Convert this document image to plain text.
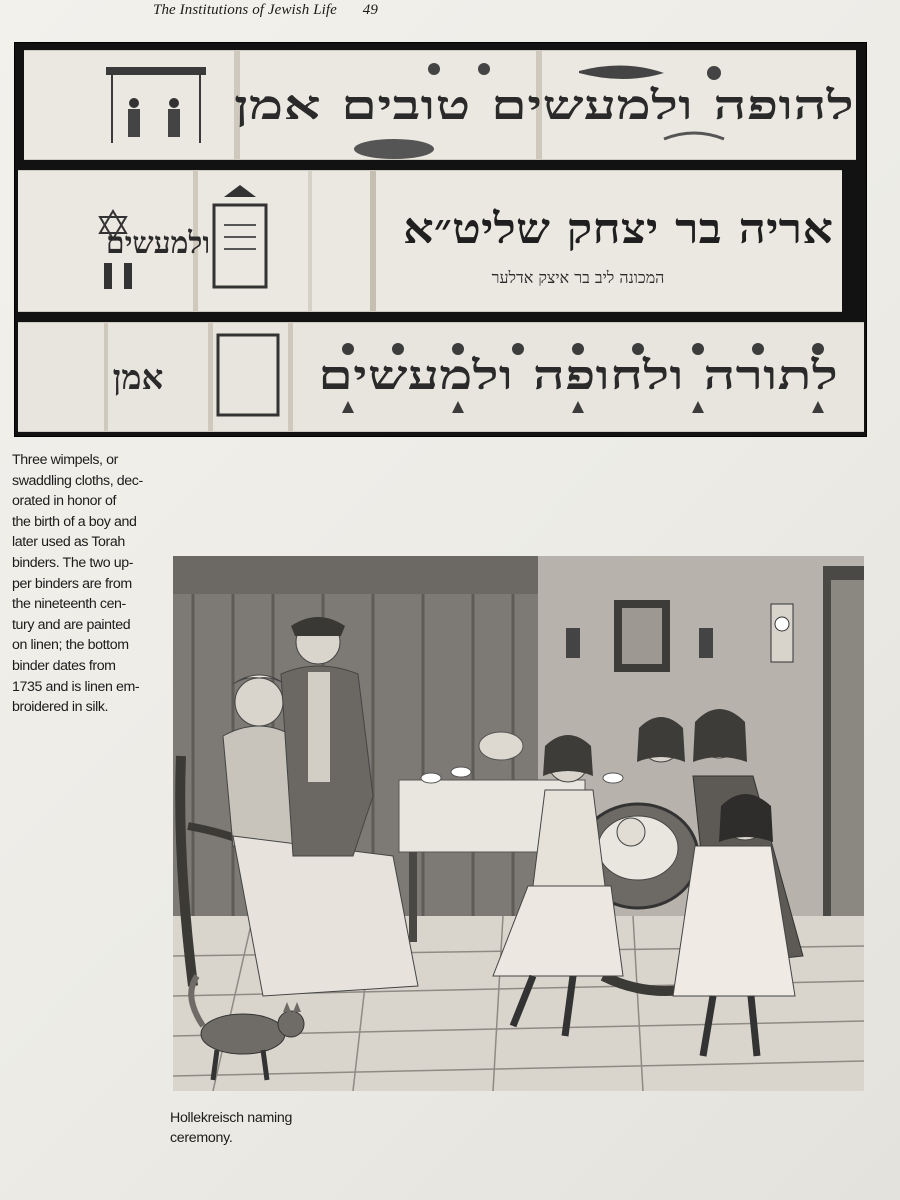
The Institutions of Jewish Life 49
להופה ולמעשים טובים אמן
ולמעשים	אריה בר יצחק שליט״א
המכונה ליב בר איצק אדלער
לתורה ולחופה ולמעשים
אמן
Three wimpels, or
swaddling cloths, dec-
orated in honor of
the birth of a boy and
later used as Torah
binders. The two up-
per binders are from
the nineteenth cen-
tury and are painted
on linen; the bottom
binder dates from
1735 and is linen em-
broidered in silk.
Hollekreisch naming
ceremony.
